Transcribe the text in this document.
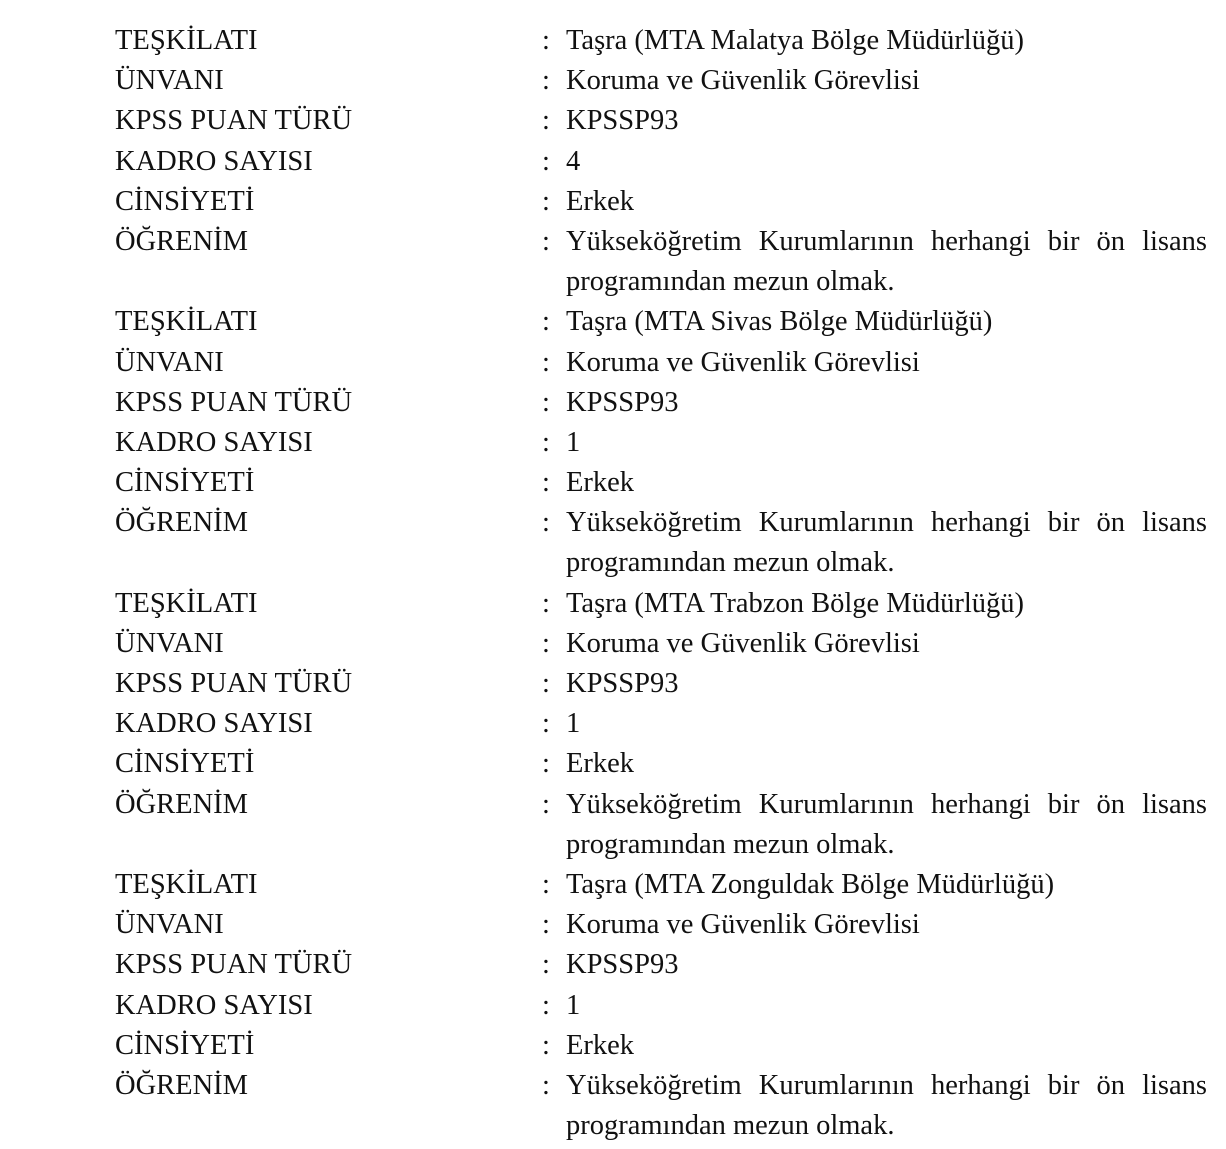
TEŞKİLATI	: Taşra (MTA Malatya Bölge Müdürlüğü)
ÜNVANI	: Koruma ve Güvenlik Görevlisi
KPSS PUAN TÜRÜ	: KPSSP93
KADRO SAYISI	: 4
CİNSİYETİ	: Erkek
ÖĞRENİM	: Yükseköğretim Kurumlarının herhangi bir ön lisans programından mezun olmak.
TEŞKİLATI	: Taşra (MTA Sivas Bölge Müdürlüğü)
ÜNVANI	: Koruma ve Güvenlik Görevlisi
KPSS PUAN TÜRÜ	: KPSSP93
KADRO SAYISI	: 1
CİNSİYETİ	: Erkek
ÖĞRENİM	: Yükseköğretim Kurumlarının herhangi bir ön lisans programından mezun olmak.
TEŞKİLATI	: Taşra (MTA Trabzon Bölge Müdürlüğü)
ÜNVANI	: Koruma ve Güvenlik Görevlisi
KPSS PUAN TÜRÜ	: KPSSP93
KADRO SAYISI	: 1
CİNSİYETİ	: Erkek
ÖĞRENİM	: Yükseköğretim Kurumlarının herhangi bir ön lisans programından mezun olmak.
TEŞKİLATI	: Taşra (MTA Zonguldak Bölge Müdürlüğü)
ÜNVANI	: Koruma ve Güvenlik Görevlisi
KPSS PUAN TÜRÜ	: KPSSP93
KADRO SAYISI	: 1
CİNSİYETİ	: Erkek
ÖĞRENİM	: Yükseköğretim Kurumlarının herhangi bir ön lisans programından mezun olmak.
